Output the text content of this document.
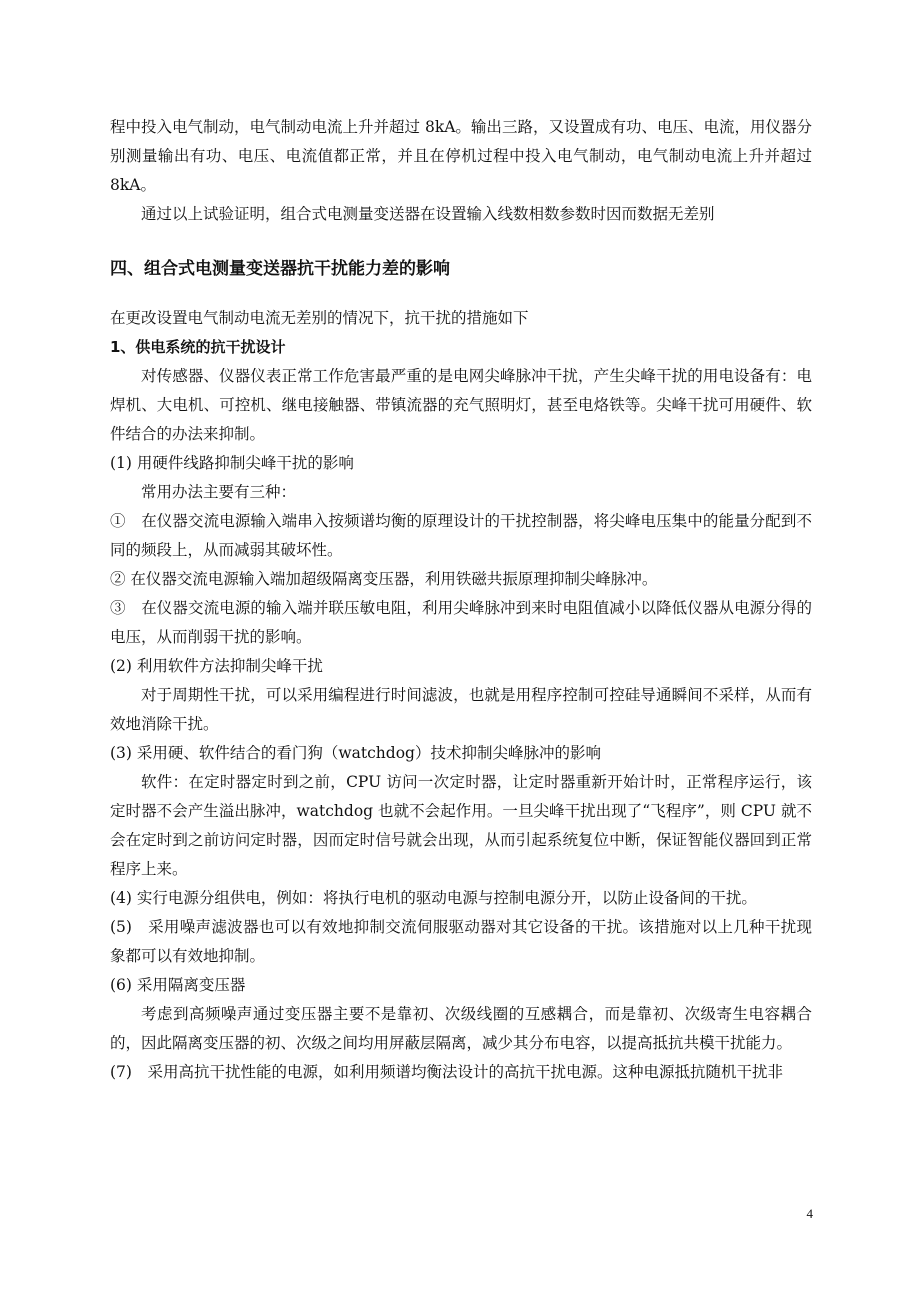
程中投入电气制动，电气制动电流上升并超过 8kA。输出三路，又设置成有功、电压、电流，用仪器分别测量输出有功、电压、电流值都正常，并且在停机过程中投入电气制动，电气制动电流上升并超过 8kA。

通过以上试验证明，组合式电测量变送器在设置输入线数相数参数时因而数据无差别

四、组合式电测量变送器抗干扰能力差的影响

在更改设置电气制动电流无差别的情况下，抗干扰的措施如下

1、供电系统的抗干扰设计

对传感器、仪器仪表正常工作危害最严重的是电网尖峰脉冲干扰，产生尖峰干扰的用电设备有：电焊机、大电机、可控机、继电接触器、带镇流器的充气照明灯，甚至电烙铁等。尖峰干扰可用硬件、软件结合的办法来抑制。

(1) 用硬件线路抑制尖峰干扰的影响

常用办法主要有三种：

①　在仪器交流电源输入端串入按频谱均衡的原理设计的干扰控制器，将尖峰电压集中的能量分配到不同的频段上，从而减弱其破坏性。

② 在仪器交流电源输入端加超级隔离变压器，利用铁磁共振原理抑制尖峰脉冲。

③　在仪器交流电源的输入端并联压敏电阻，利用尖峰脉冲到来时电阻值减小以降低仪器从电源分得的电压，从而削弱干扰的影响。

(2) 利用软件方法抑制尖峰干扰

对于周期性干扰，可以采用编程进行时间滤波，也就是用程序控制可控硅导通瞬间不采样，从而有效地消除干扰。

(3) 采用硬、软件结合的看门狗（watchdog）技术抑制尖峰脉冲的影响

软件：在定时器定时到之前，CPU 访问一次定时器，让定时器重新开始计时，正常程序运行，该定时器不会产生溢出脉冲，watchdog 也就不会起作用。一旦尖峰干扰出现了“飞程序”，则 CPU 就不会在定时到之前访问定时器，因而定时信号就会出现，从而引起系统复位中断，保证智能仪器回到正常程序上来。

(4) 实行电源分组供电，例如：将执行电机的驱动电源与控制电源分开，以防止设备间的干扰。

(5)　采用噪声滤波器也可以有效地抑制交流伺服驱动器对其它设备的干扰。该措施对以上几种干扰现象都可以有效地抑制。

(6) 采用隔离变压器

考虑到高频噪声通过变压器主要不是靠初、次级线圈的互感耦合，而是靠初、次级寄生电容耦合的，因此隔离变压器的初、次级之间均用屏蔽层隔离，减少其分布电容，以提高抵抗共模干扰能力。

(7)　采用高抗干扰性能的电源，如利用频谱均衡法设计的高抗干扰电源。这种电源抵抗随机干扰非

4
